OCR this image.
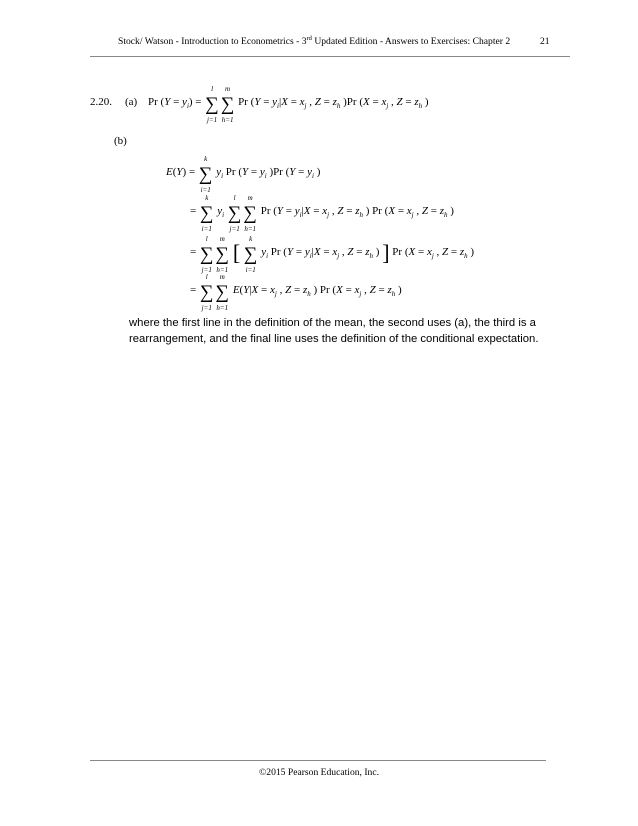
Stock/ Watson - Introduction to Econometrics - 3rd Updated Edition - Answers to Exercises: Chapter 2	21
2.20. (a) Pr $(Y = y_i)$ = ∑
l
j=1
∑
m
h=1
Pr ($Y = y_i|X = x_j$ , $Z = z_h$ )Pr ($X = x_j$ , $Z = z_h$ )
(b)
E(Y) = ∑
k
i=1
$y_i$ Pr ($Y = y_i$ )Pr ($Y = y_i$ )
= ∑
k
i=1
$y_i$ ∑
l
j=1
∑
m
h=1
Pr ($Y = y_i|X = x_j$ , $Z = z_h$ ) Pr ($X = x_j$ , $Z = z_h$ )
= ∑
l
j=1
∑
m
h=1
[ ∑
k
i=1
$y_i$ Pr ($Y = y_i|X = x_j$ , $Z = z_h$ ) ] Pr ($X = x_j$ , $Z = z_h$ )
= ∑
l
j=1
∑
m
h=1
$E(Y|X = x_j$ , $Z = z_h$ ) Pr ($X = x_j$ , $Z = z_h$ )
where the first line in the definition of the mean, the second uses (a), the third is a rearrangement, and the final line uses the definition of the conditional expectation.
©2015 Pearson Education, Inc.
